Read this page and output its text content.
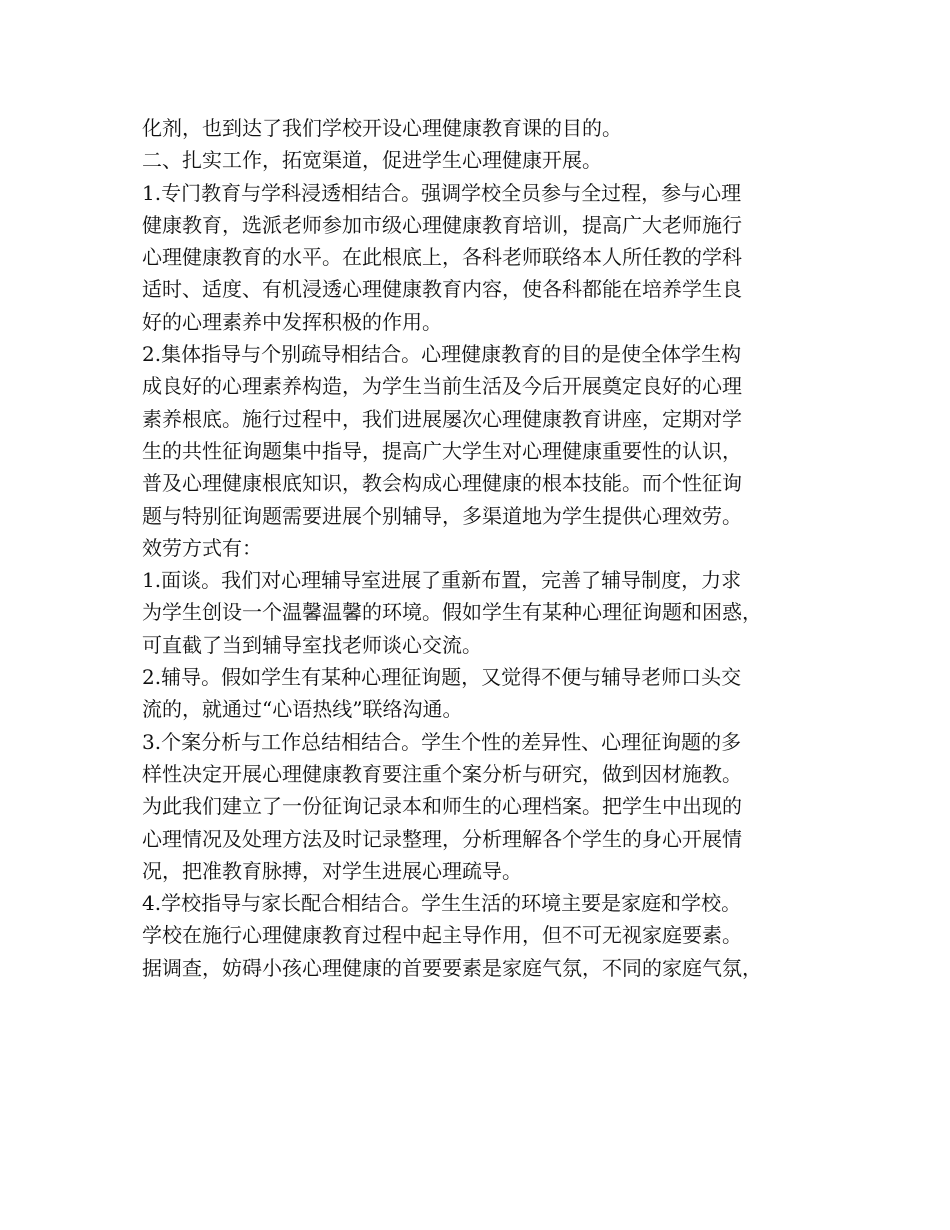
化剂，也到达了我们学校开设心理健康教育课的目的。
二、扎实工作，拓宽渠道，促进学生心理健康开展。
1.专门教育与学科浸透相结合。强调学校全员参与全过程，参与心理
健康教育，选派老师参加市级心理健康教育培训，提高广大老师施行
心理健康教育的水平。在此根底上，各科老师联络本人所任教的学科
适时、适度、有机浸透心理健康教育内容，使各科都能在培养学生良
好的心理素养中发挥积极的作用。
2.集体指导与个别疏导相结合。心理健康教育的目的是使全体学生构
成良好的心理素养构造，为学生当前生活及今后开展奠定良好的心理
素养根底。施行过程中，我们进展屡次心理健康教育讲座，定期对学
生的共性征询题集中指导，提高广大学生对心理健康重要性的认识，
普及心理健康根底知识，教会构成心理健康的根本技能。而个性征询
题与特别征询题需要进展个别辅导，多渠道地为学生提供心理效劳。
效劳方式有：
1.面谈。我们对心理辅导室进展了重新布置，完善了辅导制度，力求
为学生创设一个温馨温馨的环境。假如学生有某种心理征询题和困惑，
可直截了当到辅导室找老师谈心交流。
2.辅导。假如学生有某种心理征询题，又觉得不便与辅导老师口头交
流的，就通过“心语热线”联络沟通。
3.个案分析与工作总结相结合。学生个性的差异性、心理征询题的多
样性决定开展心理健康教育要注重个案分析与研究，做到因材施教。
为此我们建立了一份征询记录本和师生的心理档案。把学生中出现的
心理情况及处理方法及时记录整理，分析理解各个学生的身心开展情
况，把准教育脉搏，对学生进展心理疏导。
4.学校指导与家长配合相结合。学生生活的环境主要是家庭和学校。
学校在施行心理健康教育过程中起主导作用，但不可无视家庭要素。
据调查，妨碍小孩心理健康的首要要素是家庭气氛，不同的家庭气氛，
